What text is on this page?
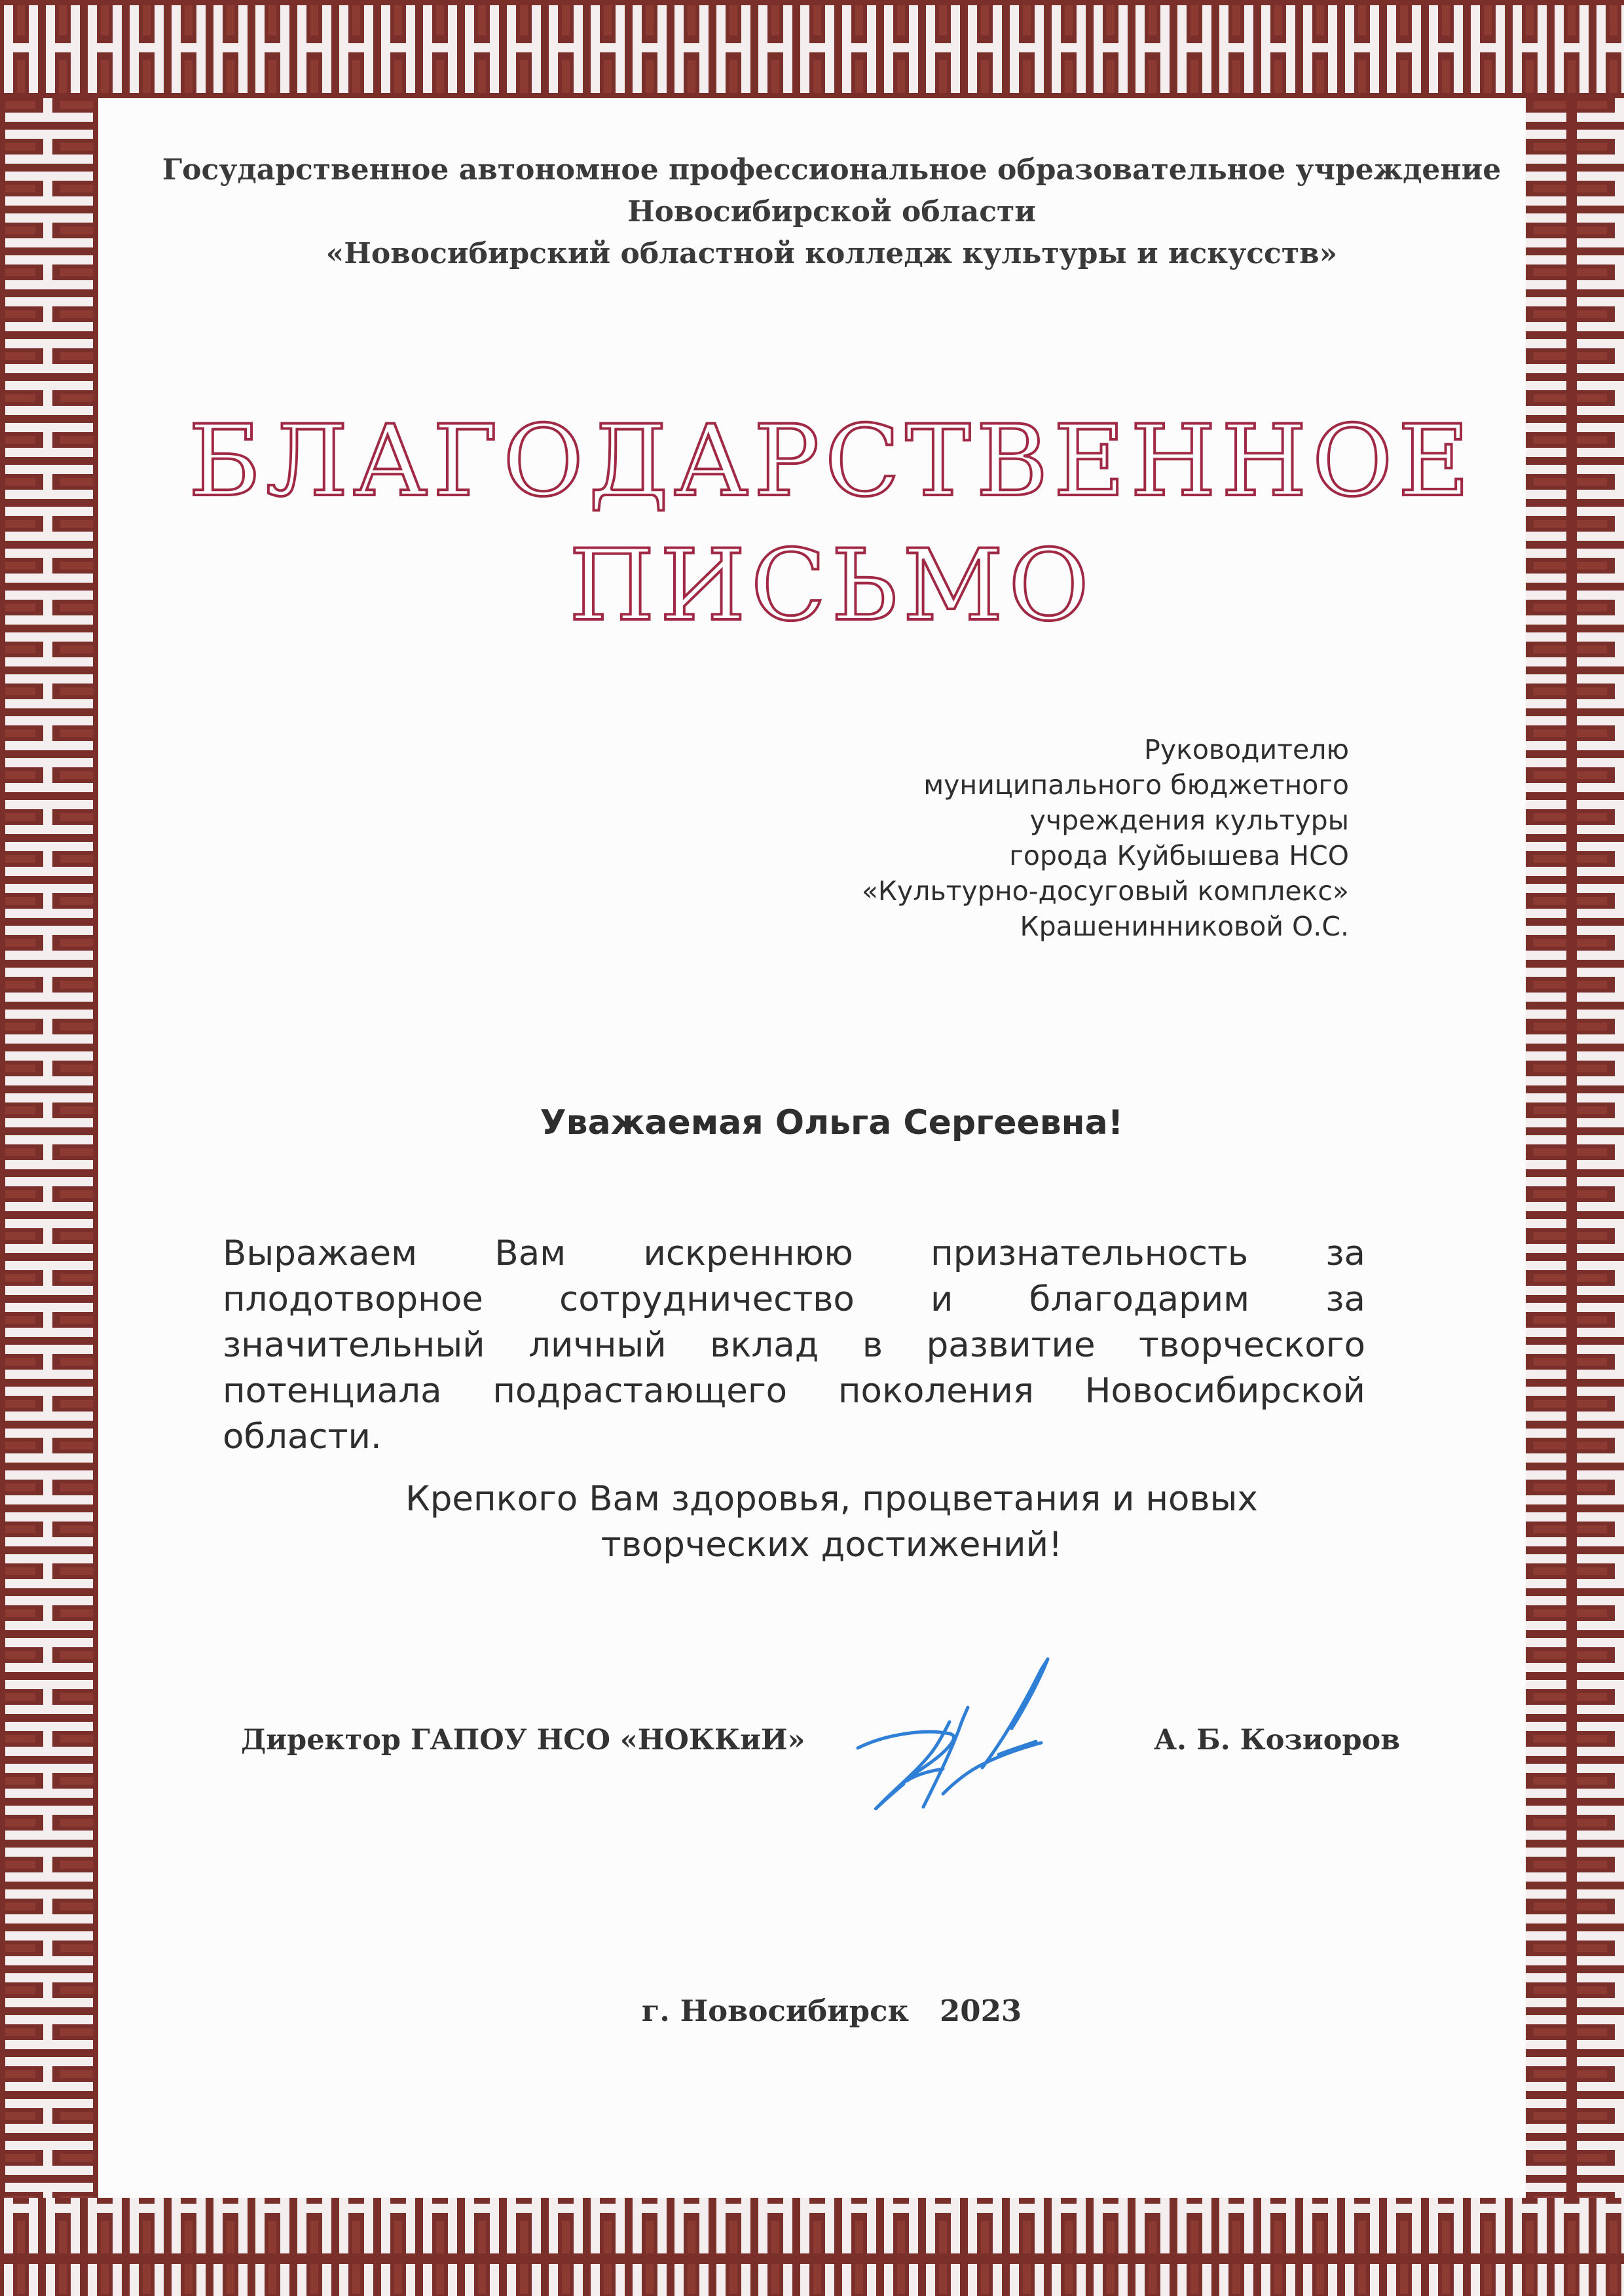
Государственное автономное профессиональное образовательное учреждение
Новосибирской области
«Новосибирский областной колледж культуры и искусств»
БЛАГОДАРСТВЕННОЕ
ПИСЬМО
Руководителю
муниципального бюджетного
учреждения культуры
города Куйбышева НСО
«Культурно-досуговый комплекс»
Крашенинниковой О.С.
Уважаемая Ольга Сергеевна!
Выражаем Вам искреннюю признательность за плодотворное сотрудничество и благодарим за значительный личный вклад в развитие творческого потенциала подрастающего поколения Новосибирской области.
Крепкого Вам здоровья, процветания и новых
творческих достижений!
Директор ГАПОУ НСО «НОККиИ»	А. Б. Козиоров
г. Новосибирск 2023
